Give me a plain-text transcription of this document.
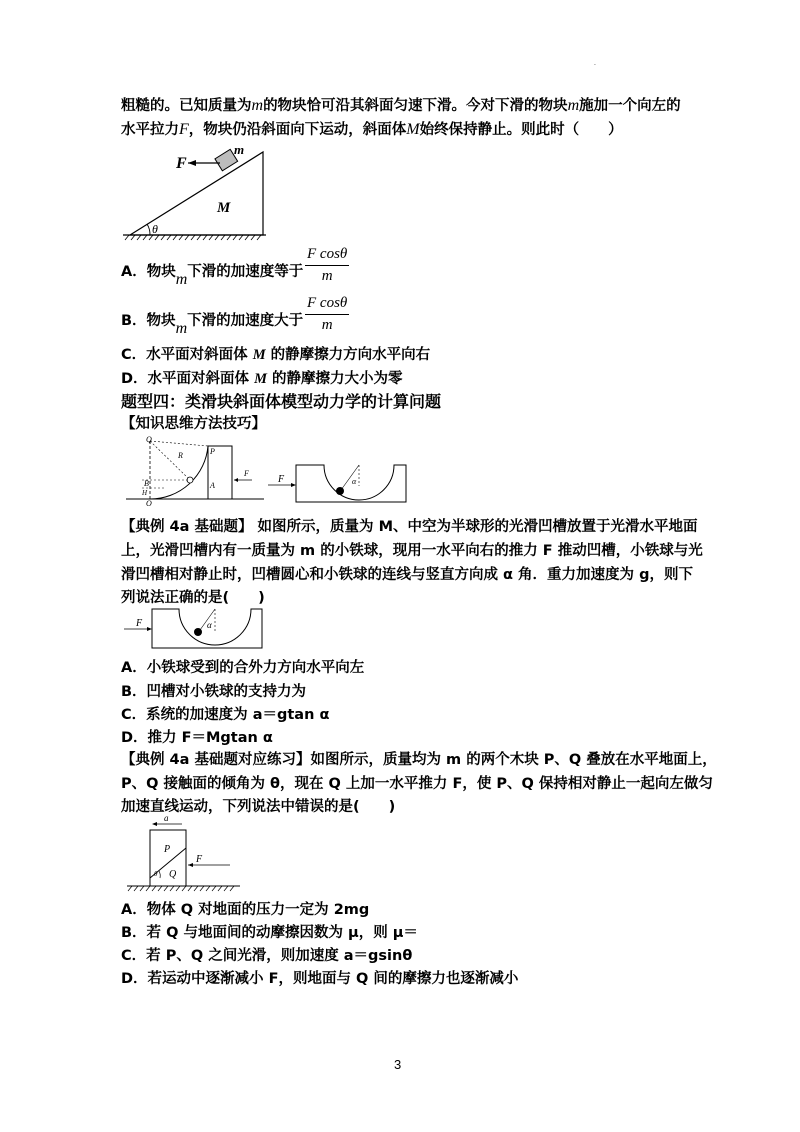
.
粗糙的。已知质量为m的物块恰可沿其斜面匀速下滑。今对下滑的物块m施加一个向左的
水平拉力F，物块仍沿斜面向下运动，斜面体M始终保持静止。则此时（　　）
F
m
M
θ
A．物块m下滑的加速度等于
F cosθ
m
B．物块m下滑的加速度大于
F cosθ
m
C．水平面对斜面体 M 的静摩擦力方向水平向右
D．水平面对斜面体 M 的静摩擦力大小为零
题型四：类滑块斜面体模型动力学的计算问题
【知识思维方法技巧】
Q
R	P
F
A
B
H
O
F	α
【典例 4a 基础题】 如图所示，质量为 M、中空为半球形的光滑凹槽放置于光滑水平地面
上，光滑凹槽内有一质量为 m 的小铁球，现用一水平向右的推力 F 推动凹槽，小铁球与光
滑凹槽相对静止时，凹槽圆心和小铁球的连线与竖直方向成 α 角．重力加速度为 g，则下
列说法正确的是(　　)
F	α
A．小铁球受到的合外力方向水平向左
B．凹槽对小铁球的支持力为
C．系统的加速度为 a＝gtan α
D．推力 F＝Mgtan α
【典例 4a 基础题对应练习】如图所示，质量均为 m 的两个木块 P、Q 叠放在水平地面上，
P、Q 接触面的倾角为 θ，现在 Q 上加一水平推力 F，使 P、Q 保持相对静止一起向左做匀
加速直线运动，下列说法中错误的是(　　)
a
F
P
Q
θ
A．物体 Q 对地面的压力一定为 2mg
B．若 Q 与地面间的动摩擦因数为 μ，则 μ＝
C．若 P、Q 之间光滑，则加速度 a＝gsinθ
D．若运动中逐渐减小 F，则地面与 Q 间的摩擦力也逐渐减小
3
